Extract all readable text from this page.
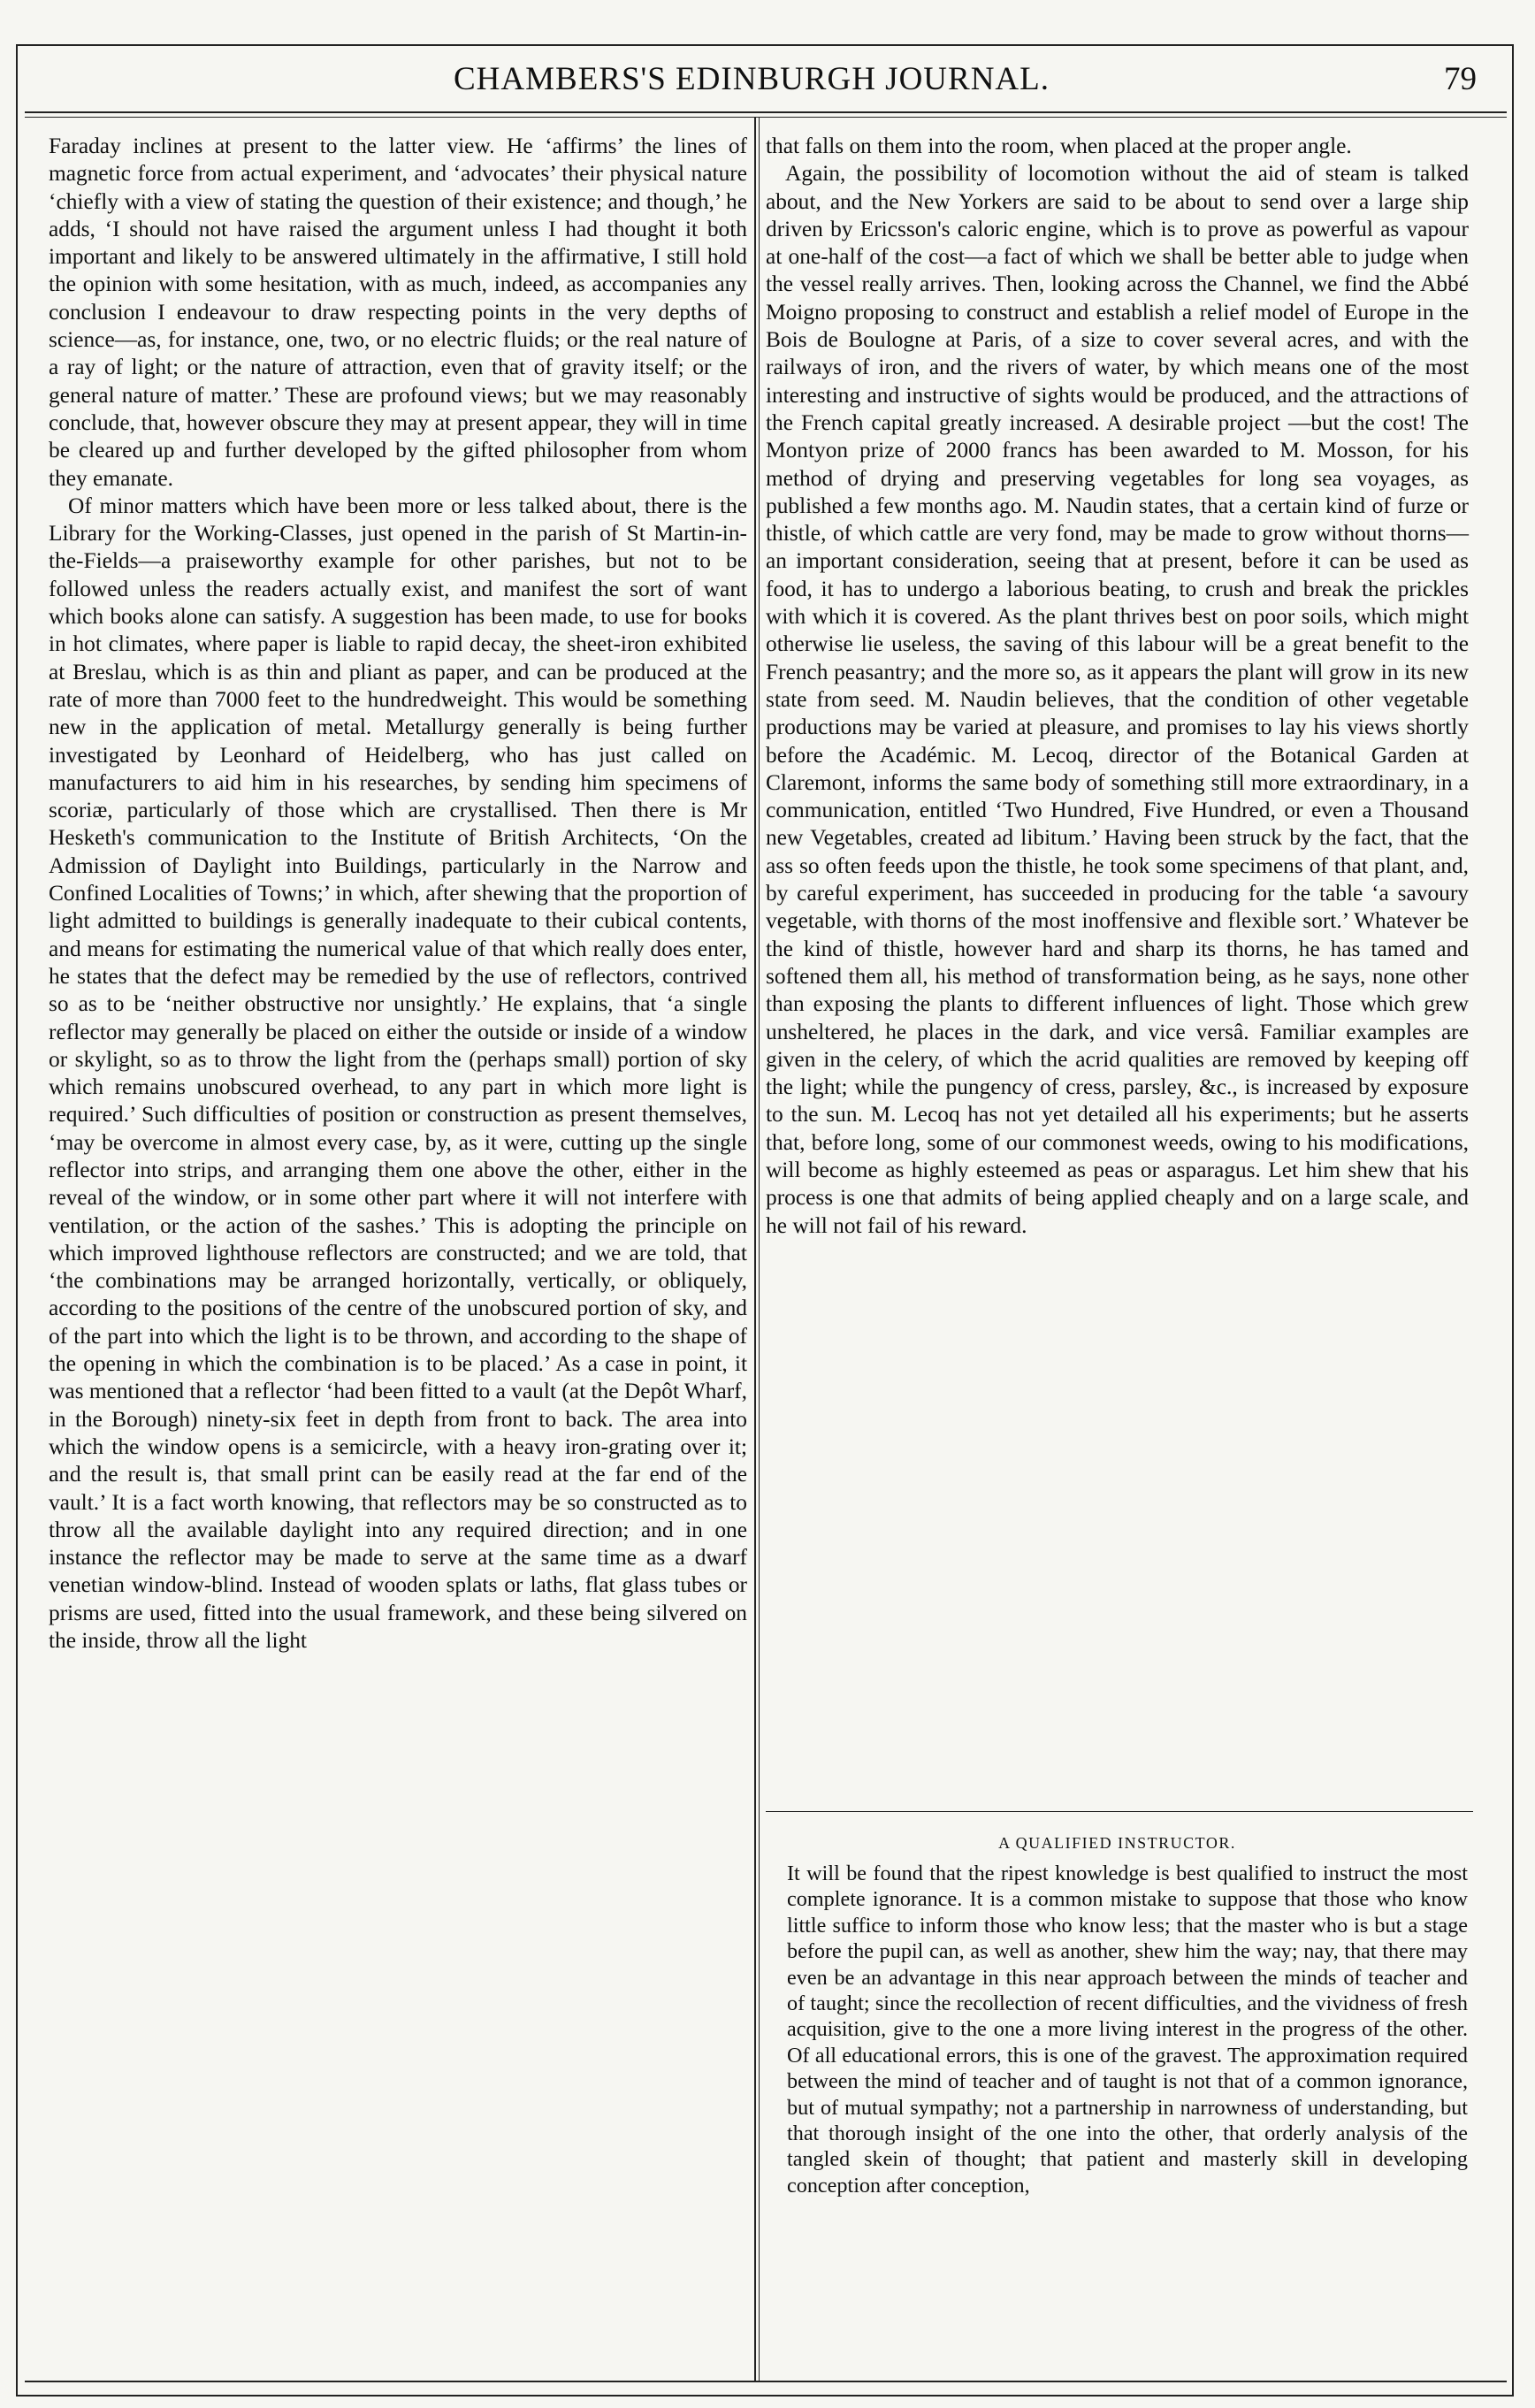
CHAMBERS'S EDINBURGH JOURNAL.	79

Faraday inclines at present to the latter view. He ‘affirms’ the lines of magnetic force from actual experiment, and ‘advocates’ their physical nature ‘chiefly with a view of stating the question of their existence; and though,’ he adds, ‘I should not have raised the argument unless I had thought it both important and likely to be answered ultimately in the affirmative, I still hold the opinion with some hesitation, with as much, indeed, as accompanies any conclusion I endeavour to draw respecting points in the very depths of science—as, for instance, one, two, or no electric fluids; or the real nature of a ray of light; or the nature of attraction, even that of gravity itself; or the general nature of matter.’ These are profound views; but we may reasonably conclude, that, however obscure they may at present appear, they will in time be cleared up and further developed by the gifted philosopher from whom they emanate.

Of minor matters which have been more or less talked about, there is the Library for the Working-Classes, just opened in the parish of St Martin-in-the-Fields—a praiseworthy example for other parishes, but not to be followed unless the readers actually exist, and manifest the sort of want which books alone can satisfy. A suggestion has been made, to use for books in hot climates, where paper is liable to rapid decay, the sheet-iron exhibited at Breslau, which is as thin and pliant as paper, and can be produced at the rate of more than 7000 feet to the hundredweight. This would be something new in the application of metal. Metallurgy generally is being further investigated by Leonhard of Heidelberg, who has just called on manufacturers to aid him in his researches, by sending him specimens of scoriæ, particularly of those which are crystallised. Then there is Mr Hesketh's communication to the Institute of British Architects, ‘On the Admission of Daylight into Buildings, particularly in the Narrow and Confined Localities of Towns;’ in which, after shewing that the proportion of light admitted to buildings is generally inadequate to their cubical contents, and means for estimating the numerical value of that which really does enter, he states that the defect may be remedied by the use of reflectors, contrived so as to be ‘neither obstructive nor unsightly.’ He explains, that ‘a single reflector may generally be placed on either the outside or inside of a window or skylight, so as to throw the light from the (perhaps small) portion of sky which remains unobscured overhead, to any part in which more light is required.’ Such difficulties of position or construction as present themselves, ‘may be overcome in almost every case, by, as it were, cutting up the single reflector into strips, and arranging them one above the other, either in the reveal of the window, or in some other part where it will not interfere with ventilation, or the action of the sashes.’ This is adopting the principle on which improved lighthouse reflectors are constructed; and we are told, that ‘the combinations may be arranged horizontally, vertically, or obliquely, according to the positions of the centre of the unobscured portion of sky, and of the part into which the light is to be thrown, and according to the shape of the opening in which the combination is to be placed.’ As a case in point, it was mentioned that a reflector ‘had been fitted to a vault (at the Depôt Wharf, in the Borough) ninety-six feet in depth from front to back. The area into which the window opens is a semicircle, with a heavy iron-grating over it; and the result is, that small print can be easily read at the far end of the vault.’ It is a fact worth knowing, that reflectors may be so constructed as to throw all the available daylight into any required direction; and in one instance the reflector may be made to serve at the same time as a dwarf venetian window-blind. Instead of wooden splats or laths, flat glass tubes or prisms are used, fitted into the usual framework, and these being silvered on the inside, throw all the light

that falls on them into the room, when placed at the proper angle.

Again, the possibility of locomotion without the aid of steam is talked about, and the New Yorkers are said to be about to send over a large ship driven by Ericsson's caloric engine, which is to prove as powerful as vapour at one-half of the cost—a fact of which we shall be better able to judge when the vessel really arrives. Then, looking across the Channel, we find the Abbé Moigno proposing to construct and establish a relief model of Europe in the Bois de Boulogne at Paris, of a size to cover several acres, and with the railways of iron, and the rivers of water, by which means one of the most interesting and instructive of sights would be produced, and the attractions of the French capital greatly increased. A desirable project —but the cost! The Montyon prize of 2000 francs has been awarded to M. Mosson, for his method of drying and preserving vegetables for long sea voyages, as published a few months ago. M. Naudin states, that a certain kind of furze or thistle, of which cattle are very fond, may be made to grow without thorns—an important consideration, seeing that at present, before it can be used as food, it has to undergo a laborious beating, to crush and break the prickles with which it is covered. As the plant thrives best on poor soils, which might otherwise lie useless, the saving of this labour will be a great benefit to the French peasantry; and the more so, as it appears the plant will grow in its new state from seed. M. Naudin believes, that the condition of other vegetable productions may be varied at pleasure, and promises to lay his views shortly before the Académic. M. Lecoq, director of the Botanical Garden at Claremont, informs the same body of something still more extraordinary, in a communication, entitled ‘Two Hundred, Five Hundred, or even a Thousand new Vegetables, created ad libitum.’ Having been struck by the fact, that the ass so often feeds upon the thistle, he took some specimens of that plant, and, by careful experiment, has succeeded in producing for the table ‘a savoury vegetable, with thorns of the most inoffensive and flexible sort.’ Whatever be the kind of thistle, however hard and sharp its thorns, he has tamed and softened them all, his method of transformation being, as he says, none other than exposing the plants to different influences of light. Those which grew unsheltered, he places in the dark, and vice versâ. Familiar examples are given in the celery, of which the acrid qualities are removed by keeping off the light; while the pungency of cress, parsley, &c., is increased by exposure to the sun. M. Lecoq has not yet detailed all his experiments; but he asserts that, before long, some of our commonest weeds, owing to his modifications, will become as highly esteemed as peas or asparagus. Let him shew that his process is one that admits of being applied cheaply and on a large scale, and he will not fail of his reward.

A QUALIFIED INSTRUCTOR.

It will be found that the ripest knowledge is best qualified to instruct the most complete ignorance. It is a common mistake to suppose that those who know little suffice to inform those who know less; that the master who is but a stage before the pupil can, as well as another, shew him the way; nay, that there may even be an advantage in this near approach between the minds of teacher and of taught; since the recollection of recent difficulties, and the vividness of fresh acquisition, give to the one a more living interest in the progress of the other. Of all educational errors, this is one of the gravest. The approximation required between the mind of teacher and of taught is not that of a common ignorance, but of mutual sympathy; not a partnership in narrowness of understanding, but that thorough insight of the one into the other, that orderly analysis of the tangled skein of thought; that patient and masterly skill in developing conception after conception,
